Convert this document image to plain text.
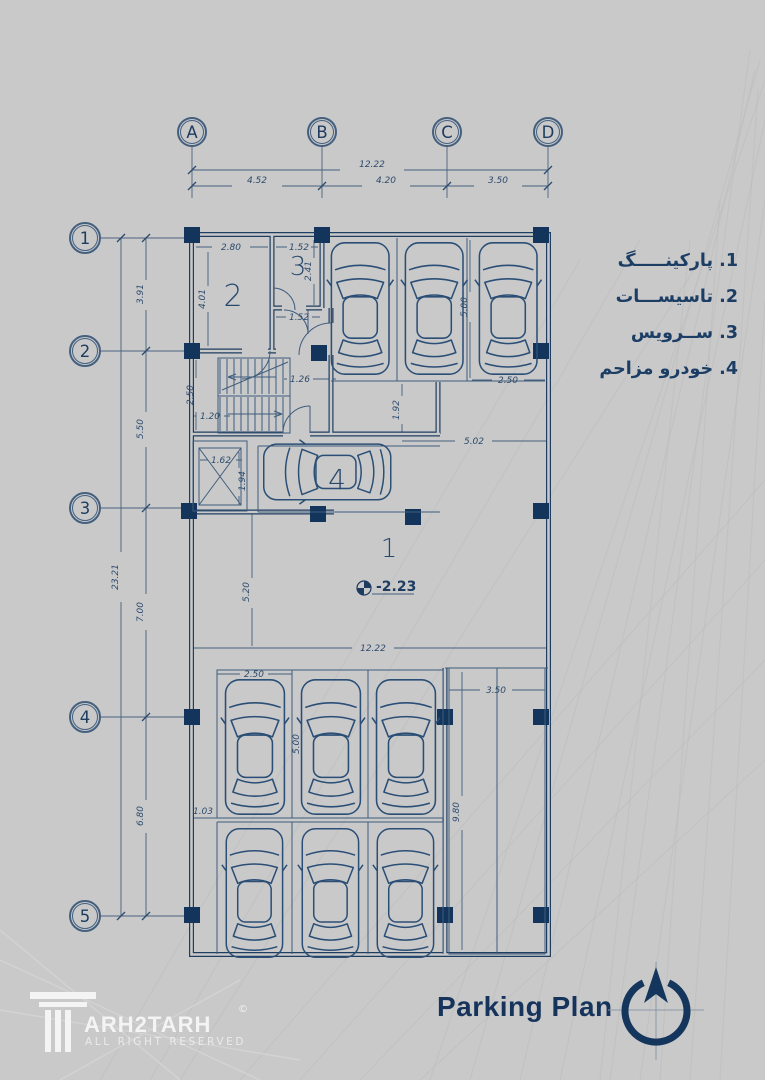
A	B	C	D
1
2
3
4
5
-2.23
2
3
4
1
12.22
4.52	4.20	3.50
23.21
3.91
5.50
7.00
6.80
2.80	1.52
4.01
2.41
1.52
1.26
2.50
1.20
1.62
1.94
5.00
2.50
1.92
5.02
5.20
12.22
2.50
5.00
1.03	9.80
3.50
1. پارکینـــــگ
2. تاسیســـات
3. ســرویس
4. خودرو مزاحم
Parking Plan
ARH2TARH
©
ALL RIGHT RESERVED
